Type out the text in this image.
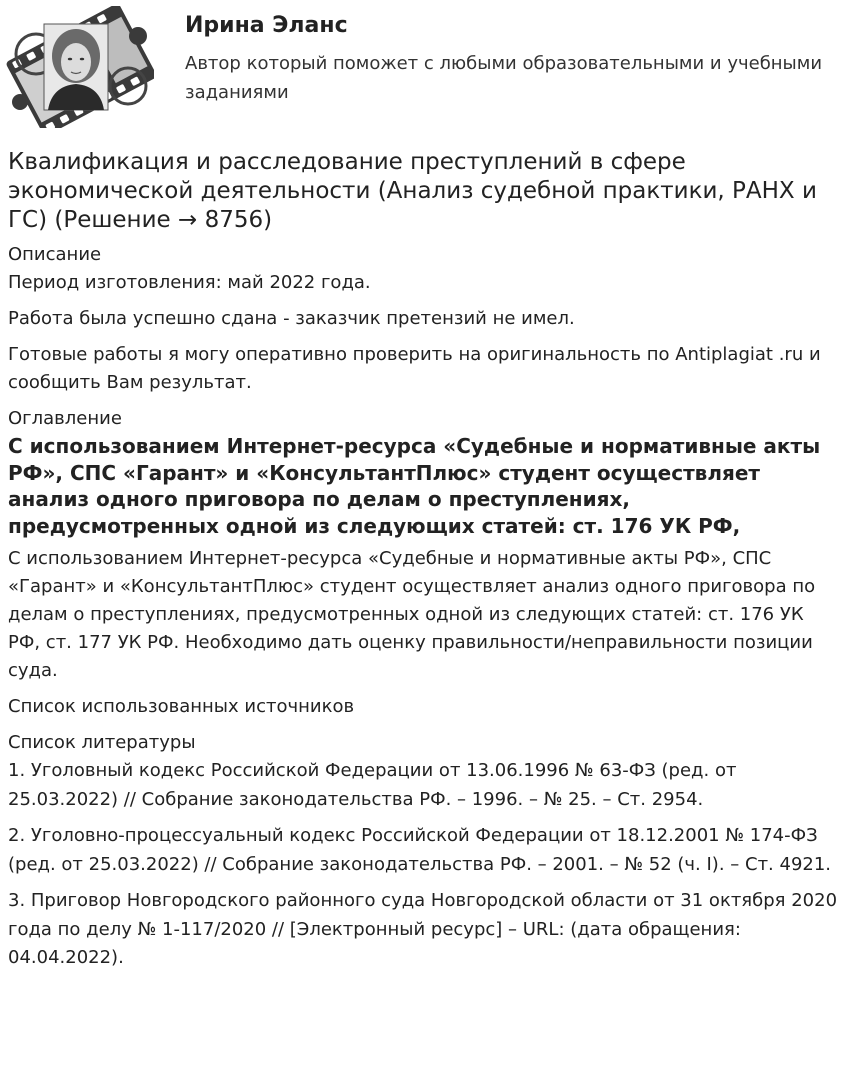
Ирина Эланс
Автор который поможет с любыми образовательными и учебными заданиями
Квалификация и расследование преступлений в сфере экономической деятельности (Анализ судебной практики, РАНХ и ГС) (Решение → 8756)
Описание

Период изготовления: май 2022 года.

Работа была успешно сдана - заказчик претензий не имел.

Готовые работы я могу оперативно проверить на оригинальность по Antiplagiat .ru и сообщить Вам результат.

Оглавление

С использованием Интернет-ресурса «Судебные и нормативные акты РФ», СПС «Гарант» и «КонсультантПлюс» студент осуществляет анализ одного приговора по делам о преступлениях, предусмотренных одной из следующих статей: ст. 176 УК РФ,

С использованием Интернет-ресурса «Судебные и нормативные акты РФ», СПС «Гарант» и «КонсультантПлюс» студент осуществляет анализ одного приговора по делам о преступлениях, предусмотренных одной из следующих статей: ст. 176 УК РФ, ст. 177 УК РФ. Необходимо дать оценку правильности/неправильности позиции суда.

Список использованных источников

Список литературы

1. Уголовный кодекс Российской Федерации от 13.06.1996 № 63-ФЗ (ред. от 25.03.2022) // Собрание законодательства РФ. – 1996. – № 25. – Ст. 2954.

2. Уголовно-процессуальный кодекс Российской Федерации от 18.12.2001 № 174-ФЗ (ред. от 25.03.2022) // Собрание законодательства РФ. – 2001. – № 52 (ч. I). – Ст. 4921.

3. Приговор Новгородского районного суда Новгородской области от 31 октября 2020 года по делу № 1-117/2020 // [Электронный ресурс] – URL: (дата обращения: 04.04.2022).
